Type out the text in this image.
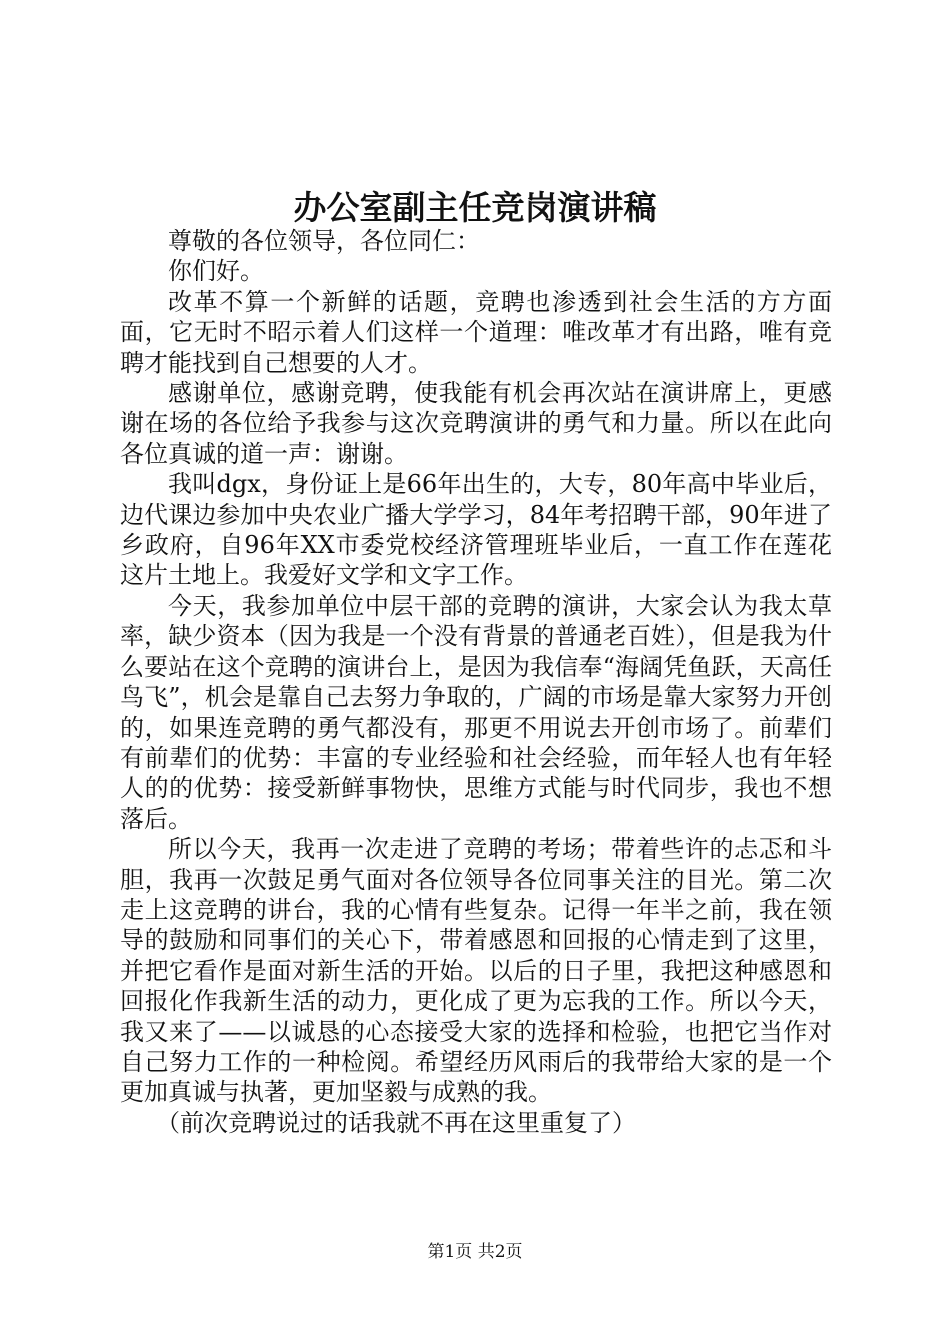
办公室副主任竞岗演讲稿

尊敬的各位领导，各位同仁：

你们好。

改革不算一个新鲜的话题，竞聘也渗透到社会生活的方方面面，它无时不昭示着人们这样一个道理：唯改革才有出路，唯有竞聘才能找到自己想要的人才。

感谢单位，感谢竞聘，使我能有机会再次站在演讲席上，更感谢在场的各位给予我参与这次竞聘演讲的勇气和力量。所以在此向各位真诚的道一声：谢谢。

我叫dgx，身份证上是66年出生的，大专，80年高中毕业后，边代课边参加中央农业广播大学学习，84年考招聘干部，90年进了乡政府，自96年XX市委党校经济管理班毕业后，一直工作在莲花这片土地上。我爱好文学和文字工作。

今天，我参加单位中层干部的竞聘的演讲，大家会认为我太草率，缺少资本（因为我是一个没有背景的普通老百姓），但是我为什么要站在这个竞聘的演讲台上，是因为我信奉“海阔凭鱼跃，天高任鸟飞”，机会是靠自己去努力争取的，广阔的市场是靠大家努力开创的，如果连竞聘的勇气都没有，那更不用说去开创市场了。前辈们有前辈们的优势：丰富的专业经验和社会经验，而年轻人也有年轻人的的优势：接受新鲜事物快，思维方式能与时代同步，我也不想落后。

所以今天，我再一次走进了竞聘的考场；带着些许的忐忑和斗胆，我再一次鼓足勇气面对各位领导各位同事关注的目光。第二次走上这竞聘的讲台，我的心情有些复杂。记得一年半之前，我在领导的鼓励和同事们的关心下，带着感恩和回报的心情走到了这里，并把它看作是面对新生活的开始。以后的日子里，我把这种感恩和回报化作我新生活的动力，更化成了更为忘我的工作。所以今天，我又来了——以诚恳的心态接受大家的选择和检验，也把它当作对自己努力工作的一种检阅。希望经历风雨后的我带给大家的是一个更加真诚与执著，更加坚毅与成熟的我。

（前次竞聘说过的话我就不再在这里重复了）

第1页 共2页
